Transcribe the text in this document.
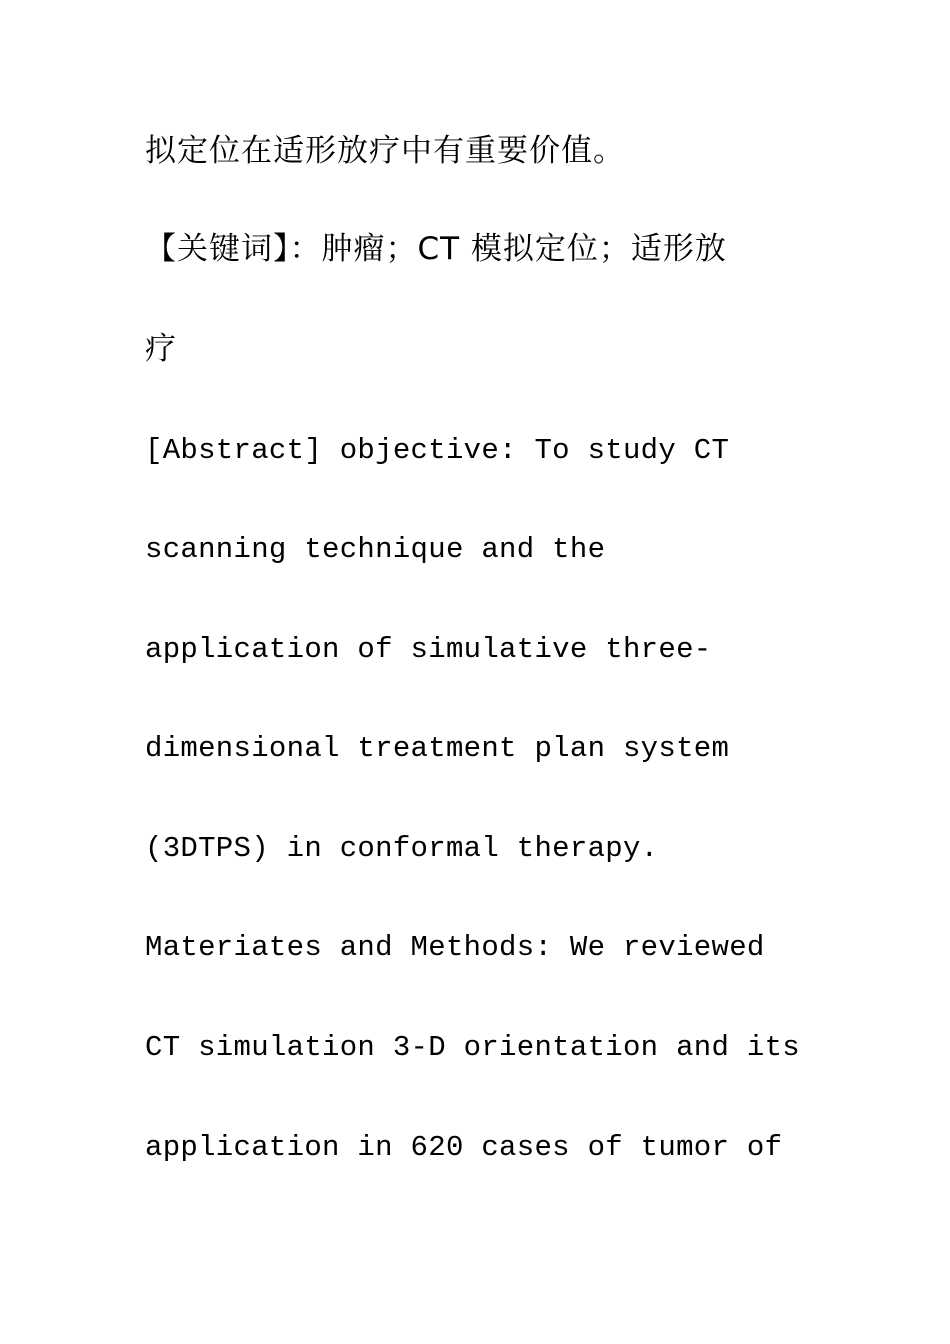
拟定位在适形放疗中有重要价值。

【关键词】：肿瘤；CT 模拟定位；适形放

疗

[Abstract] objective: To study CT

scanning technique and the

application of simulative three-

dimensional treatment plan system

(3DTPS) in conformal therapy.

Materiates and Methods: We reviewed

CT simulation 3-D orientation and its

application in 620 cases of tumor of
